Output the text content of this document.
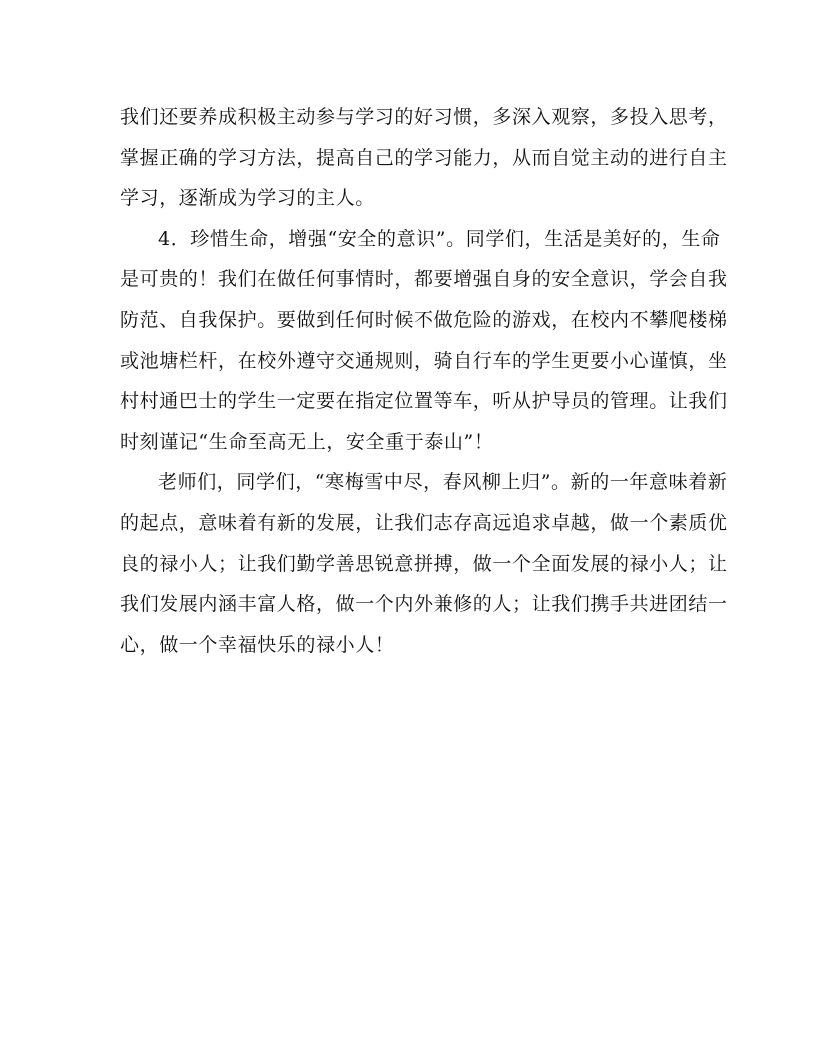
我们还要养成积极主动参与学习的好习惯，多深入观察，多投入思考，
掌握正确的学习方法，提高自己的学习能力，从而自觉主动的进行自主
学习，逐渐成为学习的主人。
4．珍惜生命，增强“安全的意识”。同学们，生活是美好的，生命
是可贵的！我们在做任何事情时，都要增强自身的安全意识，学会自我
防范、自我保护。要做到任何时候不做危险的游戏，在校内不攀爬楼梯
或池塘栏杆，在校外遵守交通规则，骑自行车的学生更要小心谨慎，坐
村村通巴士的学生一定要在指定位置等车，听从护导员的管理。让我们
时刻谨记“生命至高无上，安全重于泰山”！
老师们，同学们，“寒梅雪中尽，春风柳上归”。新的一年意味着新
的起点，意味着有新的发展，让我们志存高远追求卓越，做一个素质优
良的禄小人；让我们勤学善思锐意拼搏，做一个全面发展的禄小人；让
我们发展内涵丰富人格，做一个内外兼修的人；让我们携手共进团结一
心，做一个幸福快乐的禄小人！
